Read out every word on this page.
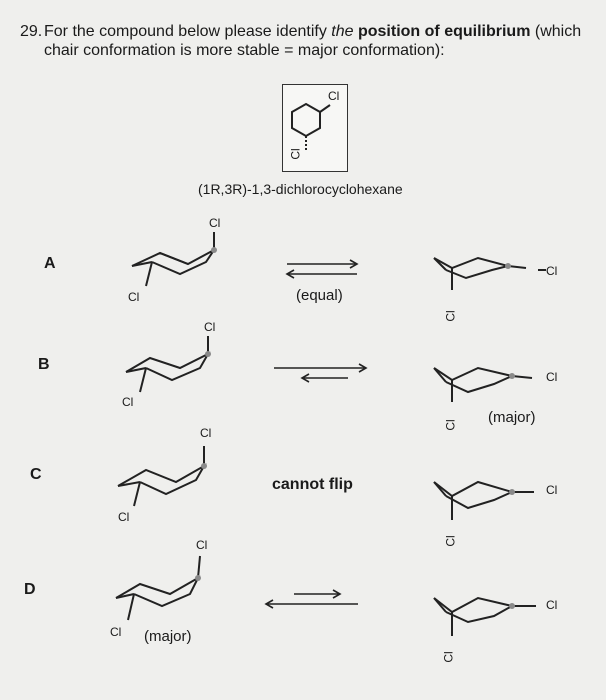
29. For the compound below please identify the position of equilibrium (which
chair conformation is more stable = major conformation):
Cl
Cl
(1R,3R)-1,3-dichlorocyclohexane
A
B
C
D
Cl
Cl	(equal)
Cl
Cl
Cl
Cl
Cl
Cl (major)
Cl
Cl
cannot flip	Cl
Cl
Cl
Cl (major)
Cl
Cl
